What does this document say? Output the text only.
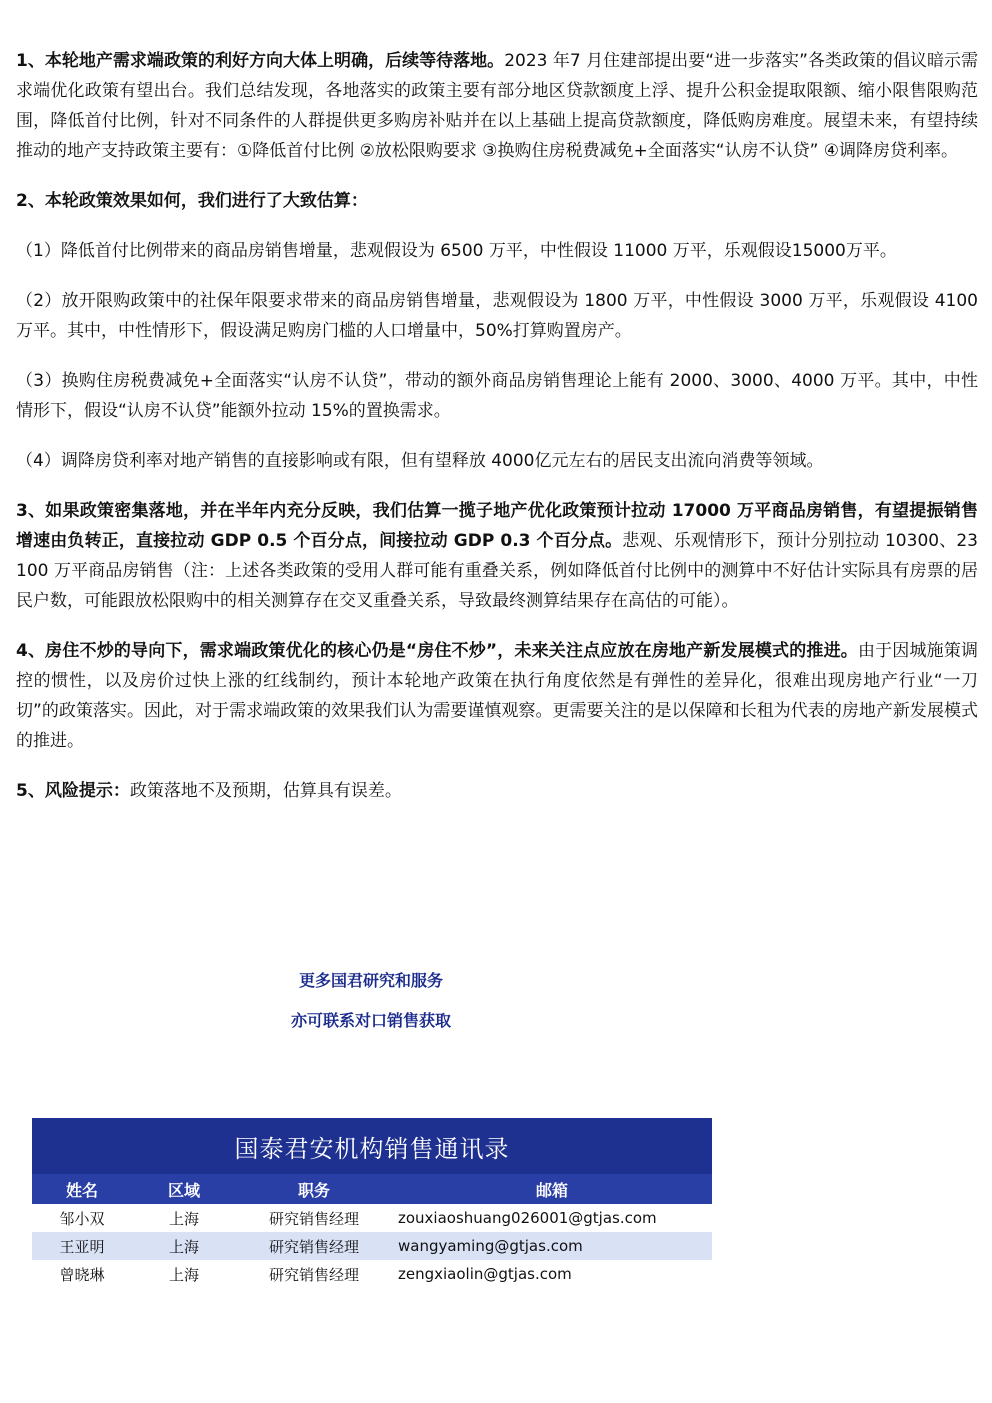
1、本轮地产需求端政策的利好方向大体上明确，后续等待落地。2023 年7 月住建部提出要“进一步落实”各类政策的倡议暗示需求端优化政策有望出台。我们总结发现，各地落实的政策主要有部分地区贷款额度上浮、提升公积金提取限额、缩小限售限购范围，降低首付比例，针对不同条件的人群提供更多购房补贴并在以上基础上提高贷款额度，降低购房难度。展望未来，有望持续推动的地产支持政策主要有：①降低首付比例 ②放松限购要求 ③换购住房税费减免+全面落实“认房不认贷” ④调降房贷利率。

2、本轮政策效果如何，我们进行了大致估算：

（1）降低首付比例带来的商品房销售增量，悲观假设为 6500 万平，中性假设 11000 万平，乐观假设15000万平。

（2）放开限购政策中的社保年限要求带来的商品房销售增量，悲观假设为 1800 万平，中性假设 3000 万平，乐观假设 4100 万平。其中，中性情形下，假设满足购房门槛的人口增量中，50%打算购置房产。

（3）换购住房税费减免+全面落实“认房不认贷”，带动的额外商品房销售理论上能有 2000、3000、4000 万平。其中，中性情形下，假设“认房不认贷”能额外拉动 15%的置换需求。

（4）调降房贷利率对地产销售的直接影响或有限，但有望释放 4000亿元左右的居民支出流向消费等领域。

3、如果政策密集落地，并在半年内充分反映，我们估算一揽子地产优化政策预计拉动 17000 万平商品房销售，有望提振销售增速由负转正，直接拉动 GDP 0.5 个百分点，间接拉动 GDP 0.3 个百分点。悲观、乐观情形下，预计分别拉动 10300、23100 万平商品房销售（注：上述各类政策的受用人群可能有重叠关系，例如降低首付比例中的测算中不好估计实际具有房票的居民户数，可能跟放松限购中的相关测算存在交叉重叠关系，导致最终测算结果存在高估的可能）。

4、房住不炒的导向下，需求端政策优化的核心仍是“房住不炒”，未来关注点应放在房地产新发展模式的推进。由于因城施策调控的惯性，以及房价过快上涨的红线制约，预计本轮地产政策在执行角度依然是有弹性的差异化，很难出现房地产行业“一刀切”的政策落实。因此，对于需求端政策的效果我们认为需要谨慎观察。更需要关注的是以保障和长租为代表的房地产新发展模式的推进。

5、风险提示：政策落地不及预期，估算具有误差。

更多国君研究和服务
亦可联系对口销售获取
国泰君安机构销售通讯录
姓名	区域	职务	邮箱
邹小双	上海	研究销售经理	zouxiaoshuang026001@gtjas.com
王亚明	上海	研究销售经理	wangyaming@gtjas.com
曾晓琳	上海	研究销售经理	zengxiaolin@gtjas.com
